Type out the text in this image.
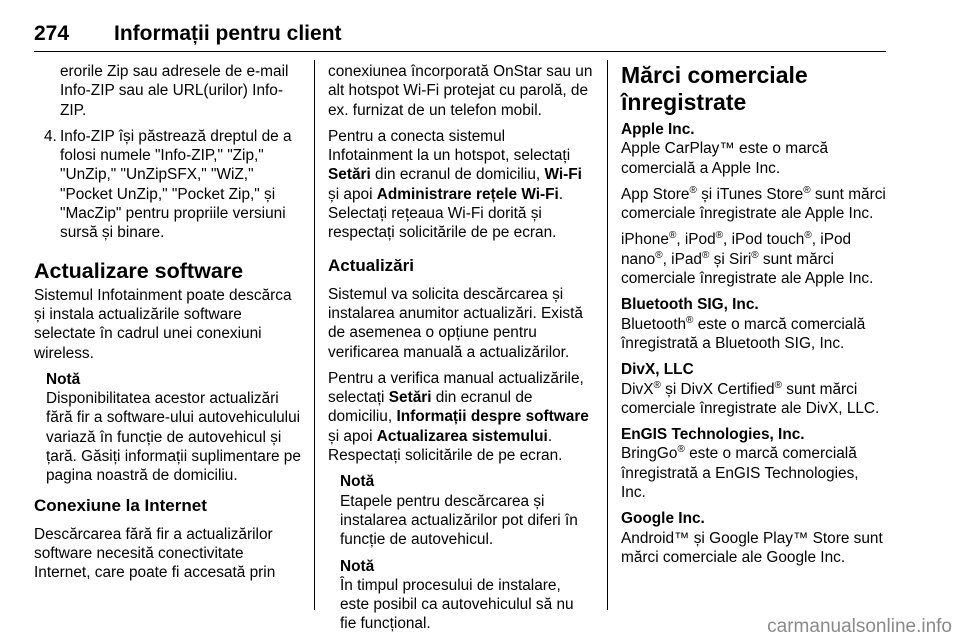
274 Informații pentru client

erorile Zip sau adresele de e-mail Info-ZIP sau ale URL(urilor) Info-ZIP.

4. Info-ZIP își păstrează dreptul de a folosi numele "Info-ZIP," "Zip," "UnZip," "UnZipSFX," "WiZ," "Pocket UnZip," "Pocket Zip," și "MacZip" pentru propriile versiuni sursă și binare.
Actualizare software

Sistemul Infotainment poate descărca și instala actualizările software selectate în cadrul unei conexiuni wireless.

Notă
Disponibilitatea acestor actualizări fără fir a software-ului autovehiculului variază în funcție de autovehicul și țară. Găsiți informații suplimentare pe pagina noastră de domiciliu.
Conexiune la Internet

Descărcarea fără fir a actualizărilor software necesită conectivitate Internet, care poate fi accesată prin

conexiunea încorporată OnStar sau un alt hotspot Wi-Fi protejat cu parolă, de ex. furnizat de un telefon mobil.

Pentru a conecta sistemul Infotainment la un hotspot, selectați Setări din ecranul de domiciliu, Wi-Fi și apoi Administrare rețele Wi-Fi. Selectați rețeaua Wi-Fi dorită și respectați solicitările de pe ecran.

Actualizări

Sistemul va solicita descărcarea și instalarea anumitor actualizări. Există de asemenea o opțiune pentru verificarea manuală a actualizărilor.

Pentru a verifica manual actualizările, selectați Setări din ecranul de domiciliu, Informații despre software și apoi Actualizarea sistemului. Respectați solicitările de pe ecran.

Notă
Etapele pentru descărcarea și instalarea actualizărilor pot diferi în funcție de autovehicul.
Notă
În timpul procesului de instalare, este posibil ca autovehiculul să nu fie funcțional.
Mărci comerciale înregistrate

Apple Inc.
Apple CarPlay™ este o marcă comercială a Apple Inc.

App Store® și iTunes Store® sunt mărci comerciale înregistrate ale Apple Inc.

iPhone®, iPod®, iPod touch®, iPod nano®, iPad® și Siri® sunt mărci comerciale înregistrate ale Apple Inc.

Bluetooth SIG, Inc.
Bluetooth® este o marcă comercială înregistrată a Bluetooth SIG, Inc.

DivX, LLC
DivX® și DivX Certified® sunt mărci comerciale înregistrate ale DivX, LLC.

EnGIS Technologies, Inc.
BringGo® este o marcă comercială înregistrată a EnGIS Technologies, Inc.

Google Inc.
Android™ și Google Play™ Store sunt mărci comerciale ale Google Inc.

carmanualsonline.info
